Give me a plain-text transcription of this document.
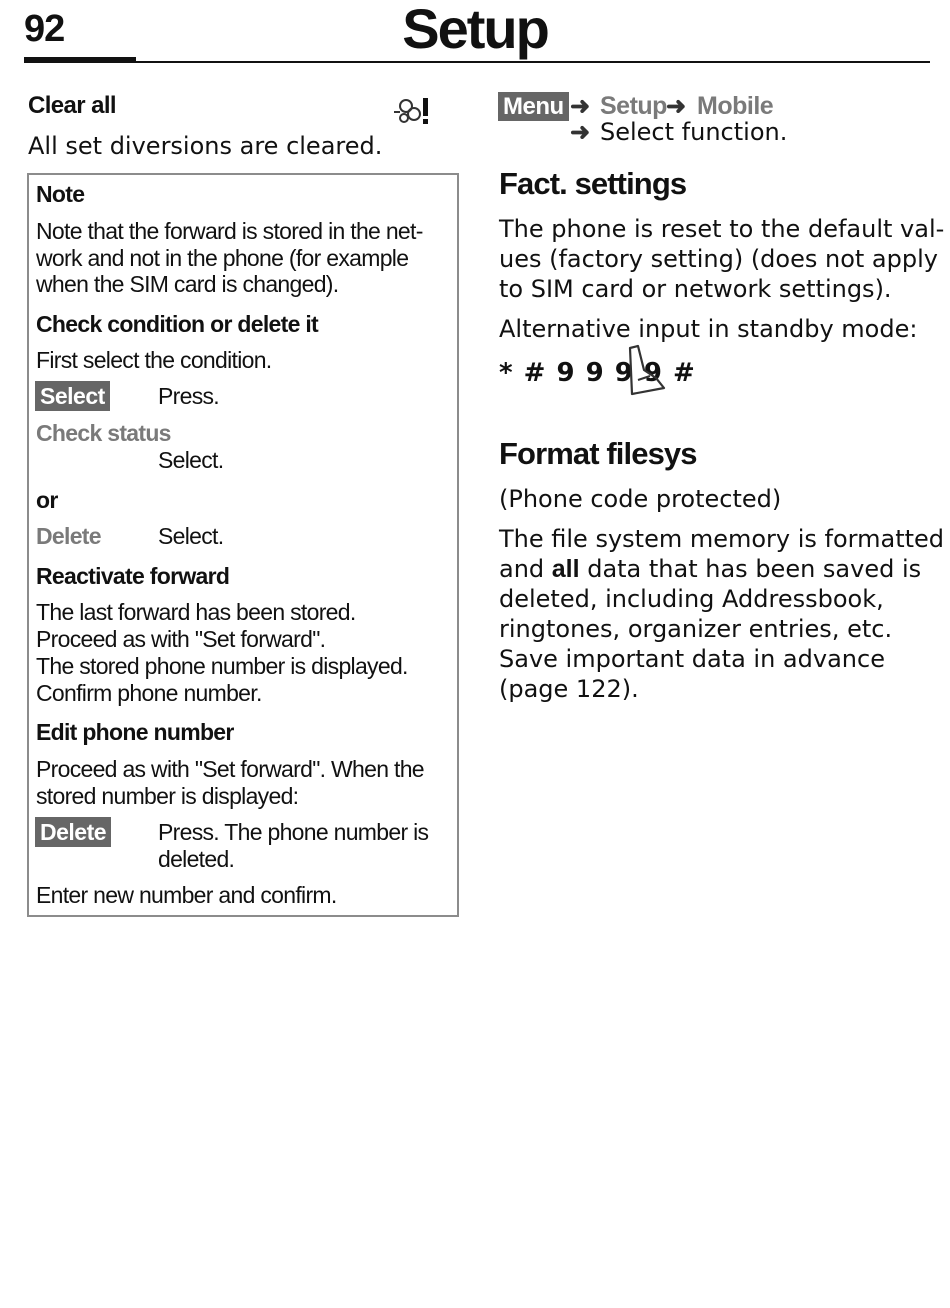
92	Setup
Clear all
All set diversions are cleared.
Note
Note that the forward is stored in the net-
work and not in the phone (for example
when the SIM card is changed).
Check condition or delete it
First select the condition.
Select Press.
Check status
Select.
or
Delete Select.
Reactivate forward
The last forward has been stored.
Proceed as with "Set forward".
The stored phone number is displayed.
Confirm phone number.
Edit phone number
Proceed as with "Set forward". When the
stored number is displayed:
Delete Press. The phone number is
deleted.
Enter new number and confirm.
Menu ➜ Setup ➜ Mobile
➜ Select function.
Fact. settings
The phone is reset to the default val-
ues (factory setting) (does not apply
to SIM card or network settings).
Alternative input in standby mode:
* # 9 9 9 9 #
Format filesys
(Phone code protected)
The file system memory is formatted
and all data that has been saved is
deleted, including Addressbook,
ringtones, organizer entries, etc.
Save important data in advance
(page 122).
